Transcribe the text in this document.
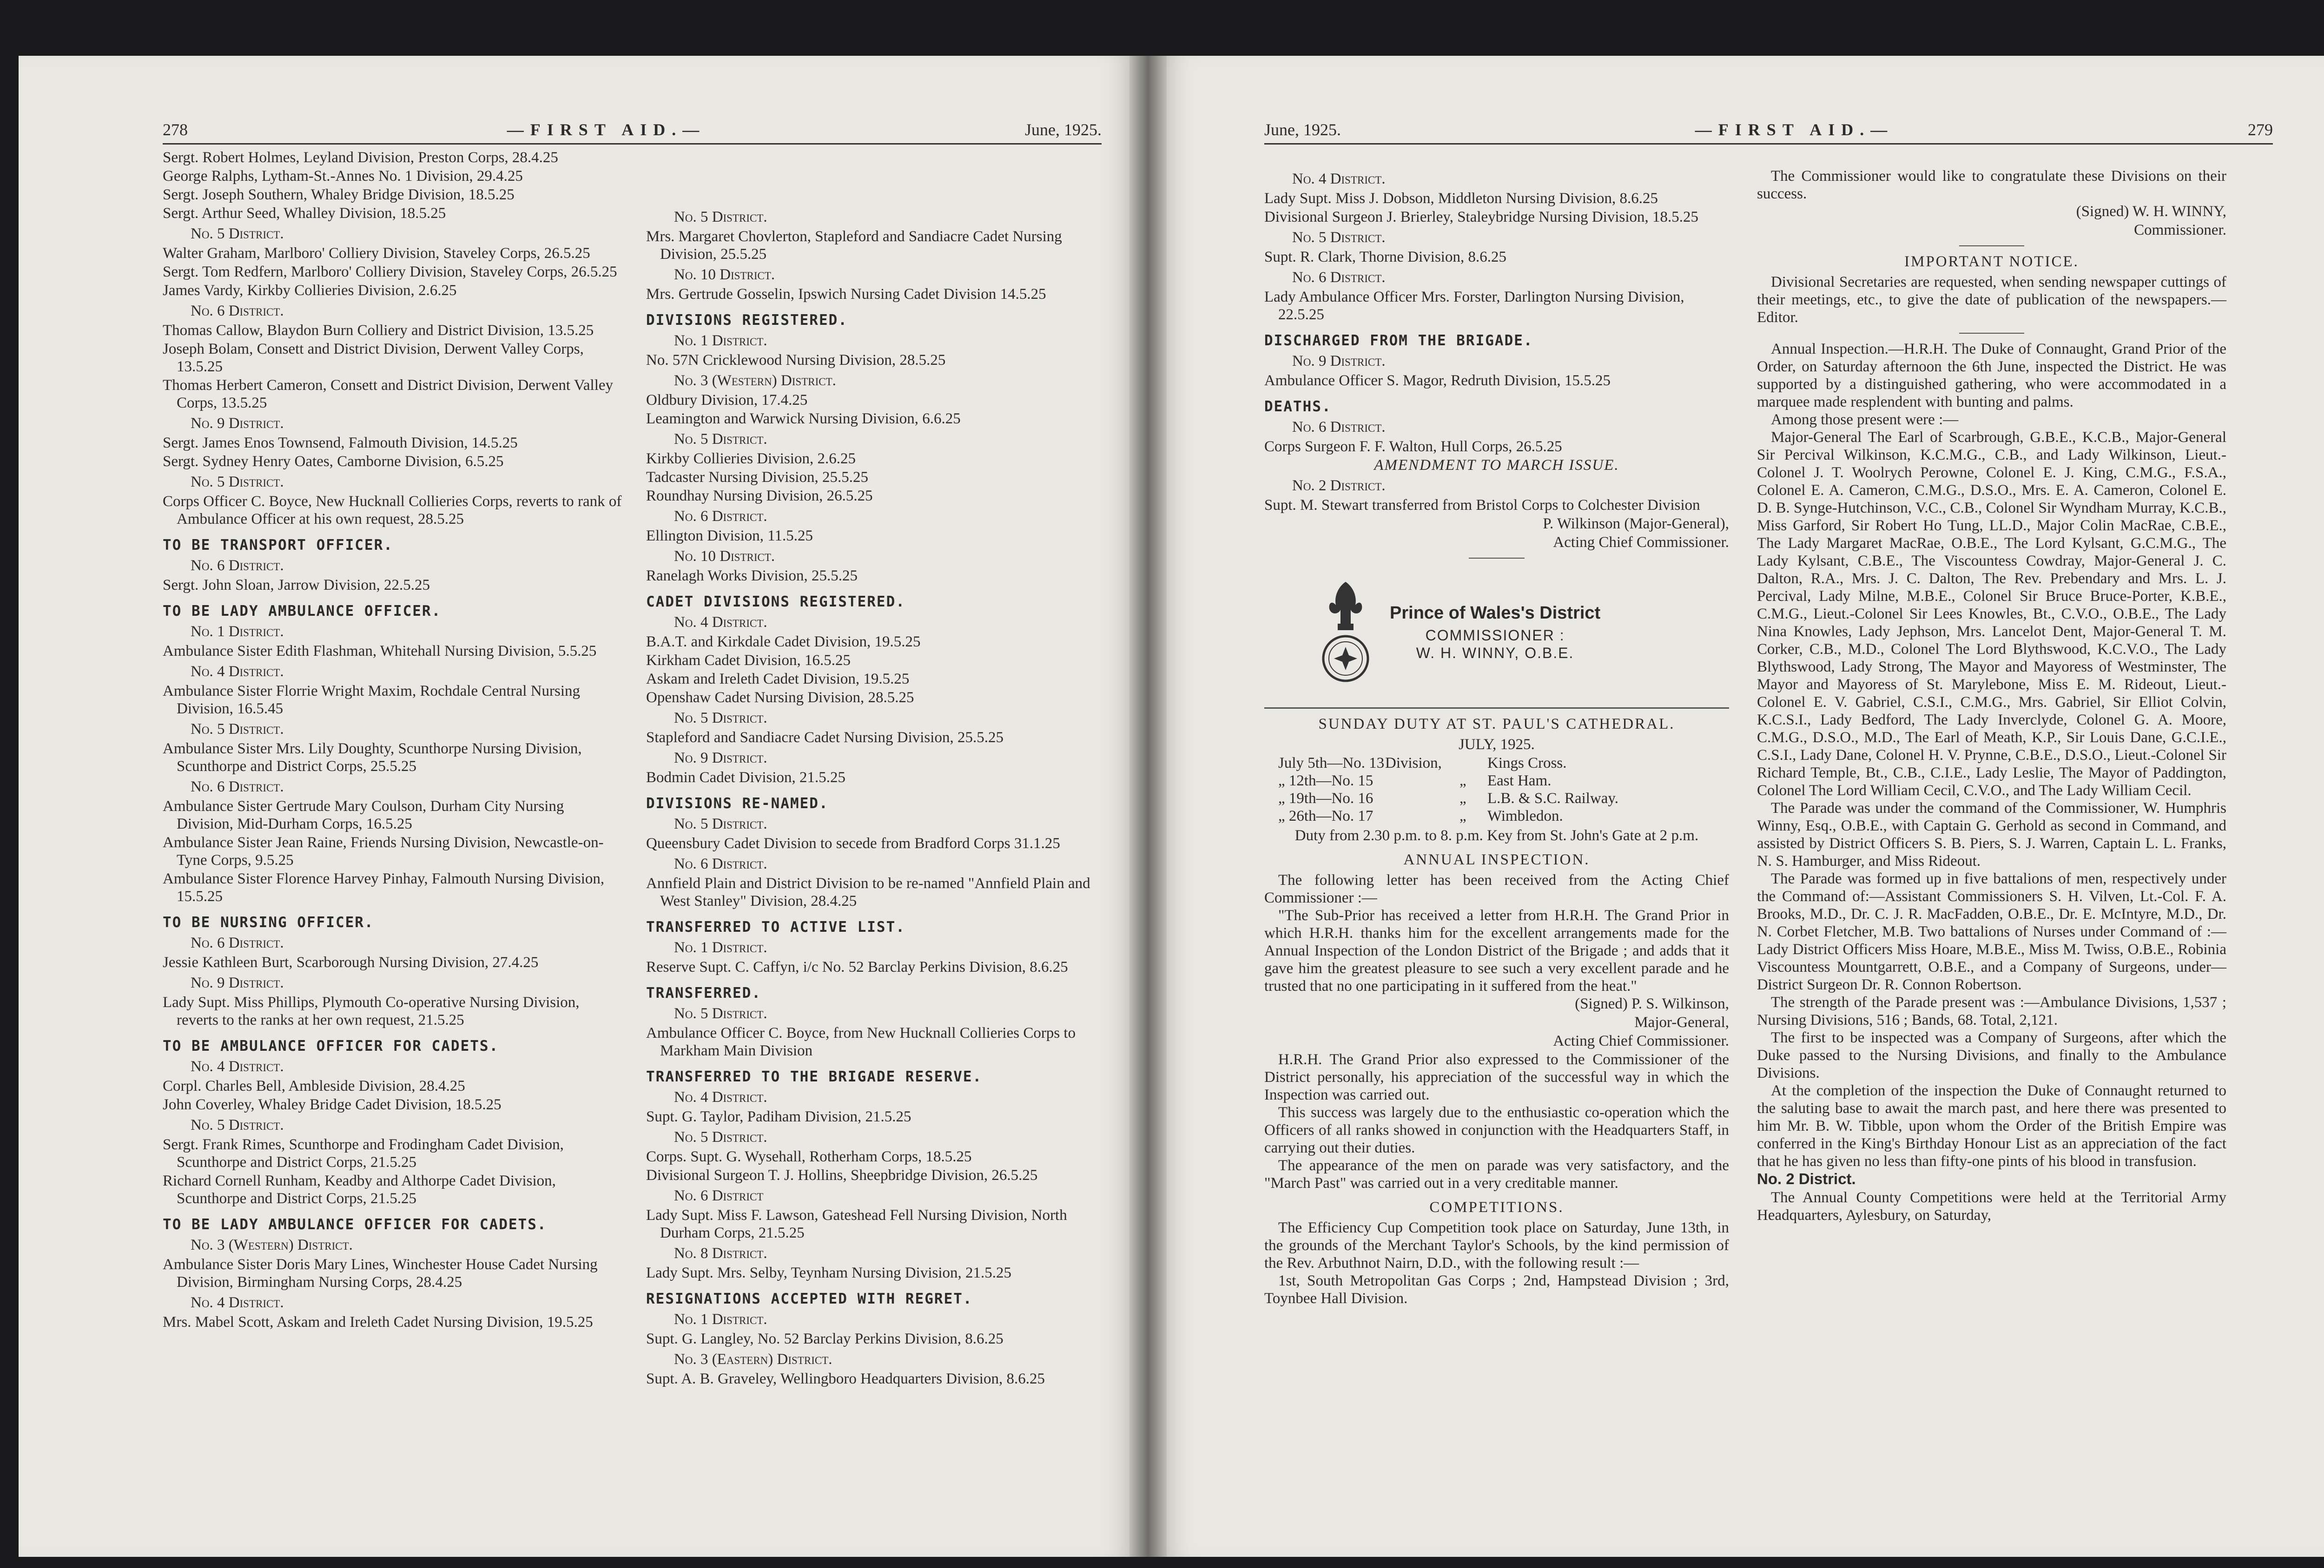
278	—FIRST AID.—	June, 1925.

Sergt. Robert Holmes, Leyland Division, Preston Corps, 28.4.25

George Ralphs, Lytham-St.-Annes No. 1 Division, 29.4.25

Sergt. Joseph Southern, Whaley Bridge Division, 18.5.25

Sergt. Arthur Seed, Whalley Division, 18.5.25

No. 5 District.

Walter Graham, Marlboro' Colliery Division, Staveley Corps, 26.5.25

Sergt. Tom Redfern, Marlboro' Colliery Division, Staveley Corps, 26.5.25

James Vardy, Kirkby Collieries Division, 2.6.25

No. 6 District.

Thomas Callow, Blaydon Burn Colliery and District Division, 13.5.25

Joseph Bolam, Consett and District Division, Derwent Valley Corps, 13.5.25

Thomas Herbert Cameron, Consett and District Division, Derwent Valley Corps, 13.5.25

No. 9 District.

Sergt. James Enos Townsend, Falmouth Division, 14.5.25

Sergt. Sydney Henry Oates, Camborne Division, 6.5.25

No. 5 District.

Corps Officer C. Boyce, New Hucknall Collieries Corps, reverts to rank of Ambulance Officer at his own request, 28.5.25

TO BE TRANSPORT OFFICER.

No. 6 District.

Sergt. John Sloan, Jarrow Division, 22.5.25

TO BE LADY AMBULANCE OFFICER.

No. 1 District.

Ambulance Sister Edith Flashman, Whitehall Nursing Division, 5.5.25

No. 4 District.

Ambulance Sister Florrie Wright Maxim, Rochdale Central Nursing Division, 16.5.45

No. 5 District.

Ambulance Sister Mrs. Lily Doughty, Scunthorpe Nursing Division, Scunthorpe and District Corps, 25.5.25

No. 6 District.

Ambulance Sister Gertrude Mary Coulson, Durham City Nursing Division, Mid-Durham Corps, 16.5.25

Ambulance Sister Jean Raine, Friends Nursing Division, Newcastle-on-Tyne Corps, 9.5.25

Ambulance Sister Florence Harvey Pinhay, Falmouth Nursing Division, 15.5.25

TO BE NURSING OFFICER.

No. 6 District.

Jessie Kathleen Burt, Scarborough Nursing Division, 27.4.25

No. 9 District.

Lady Supt. Miss Phillips, Plymouth Co-operative Nursing Division, reverts to the ranks at her own request, 21.5.25

TO BE AMBULANCE OFFICER FOR CADETS.

No. 4 District.

Corpl. Charles Bell, Ambleside Division, 28.4.25

John Coverley, Whaley Bridge Cadet Division, 18.5.25

No. 5 District.

Sergt. Frank Rimes, Scunthorpe and Frodingham Cadet Division, Scunthorpe and District Corps, 21.5.25

Richard Cornell Runham, Keadby and Althorpe Cadet Division, Scunthorpe and District Corps, 21.5.25

TO BE LADY AMBULANCE OFFICER FOR CADETS.

No. 3 (Western) District.

Ambulance Sister Doris Mary Lines, Winchester House Cadet Nursing Division, Birmingham Nursing Corps, 28.4.25

No. 4 District.

Mrs. Mabel Scott, Askam and Ireleth Cadet Nursing Division, 19.5.25

No. 5 District.

Mrs. Margaret Chovlerton, Stapleford and Sandiacre Cadet Nursing Division, 25.5.25

No. 10 District.

Mrs. Gertrude Gosselin, Ipswich Nursing Cadet Division 14.5.25

DIVISIONS REGISTERED.

No. 1 District.

No. 57N Cricklewood Nursing Division, 28.5.25

No. 3 (Western) District.

Oldbury Division, 17.4.25

Leamington and Warwick Nursing Division, 6.6.25

No. 5 District.

Kirkby Collieries Division, 2.6.25

Tadcaster Nursing Division, 25.5.25

Roundhay Nursing Division, 26.5.25

No. 6 District.

Ellington Division, 11.5.25

No. 10 District.

Ranelagh Works Division, 25.5.25

CADET DIVISIONS REGISTERED.

No. 4 District.

B.A.T. and Kirkdale Cadet Division, 19.5.25

Kirkham Cadet Division, 16.5.25

Askam and Ireleth Cadet Division, 19.5.25

Openshaw Cadet Nursing Division, 28.5.25

No. 5 District.

Stapleford and Sandiacre Cadet Nursing Division, 25.5.25

No. 9 District.

Bodmin Cadet Division, 21.5.25

DIVISIONS RE-NAMED.

No. 5 District.

Queensbury Cadet Division to secede from Bradford Corps 31.1.25

No. 6 District.

Annfield Plain and District Division to be re-named "Annfield Plain and West Stanley" Division, 28.4.25

TRANSFERRED TO ACTIVE LIST.

No. 1 District.

Reserve Supt. C. Caffyn, i/c No. 52 Barclay Perkins Division, 8.6.25

TRANSFERRED.

No. 5 District.

Ambulance Officer C. Boyce, from New Hucknall Collieries Corps to Markham Main Division

TRANSFERRED TO THE BRIGADE RESERVE.

No. 4 District.

Supt. G. Taylor, Padiham Division, 21.5.25

No. 5 District.

Corps. Supt. G. Wysehall, Rotherham Corps, 18.5.25

Divisional Surgeon T. J. Hollins, Sheepbridge Division, 26.5.25

No. 6 District

Lady Supt. Miss F. Lawson, Gateshead Fell Nursing Division, North Durham Corps, 21.5.25

No. 8 District.

Lady Supt. Mrs. Selby, Teynham Nursing Division, 21.5.25

RESIGNATIONS ACCEPTED WITH REGRET.

No. 1 District.

Supt. G. Langley, No. 52 Barclay Perkins Division, 8.6.25

No. 3 (Eastern) District.

Supt. A. B. Graveley, Wellingboro Headquarters Division, 8.6.25

June, 1925.	—FIRST AID.—	279

No. 4 District.

Lady Supt. Miss J. Dobson, Middleton Nursing Division, 8.6.25

Divisional Surgeon J. Brierley, Staleybridge Nursing Division, 18.5.25

No. 5 District.

Supt. R. Clark, Thorne Division, 8.6.25

No. 6 District.

Lady Ambulance Officer Mrs. Forster, Darlington Nursing Division, 22.5.25

DISCHARGED FROM THE BRIGADE.

No. 9 District.

Ambulance Officer S. Magor, Redruth Division, 15.5.25

DEATHS.

No. 6 District.

Corps Surgeon F. F. Walton, Hull Corps, 26.5.25

AMENDMENT TO MARCH ISSUE.

No. 2 District.

Supt. M. Stewart transferred from Bristol Corps to Colchester Division

P. Wilkinson (Major-General),

Acting Chief Commissioner.

Prince of Wales's District
COMMISSIONER :
W. H. WINNY, O.B.E.

SUNDAY DUTY AT ST. PAUL'S CATHEDRAL.

JULY, 1925.

July 5th—No. 13 Division,	Kings Cross.
„ 12th—No. 15	„	East Ham.
„ 19th—No. 16	„	L.B. & S.C. Railway.
„ 26th—No. 17	„	Wimbledon.

Duty from 2.30 p.m. to 8. p.m. Key from St. John's Gate at 2 p.m.

ANNUAL INSPECTION.

The following letter has been received from the Acting Chief Commissioner :—

"The Sub-Prior has received a letter from H.R.H. The Grand Prior in which H.R.H. thanks him for the excellent arrangements made for the Annual Inspection of the London District of the Brigade ; and adds that it gave him the greatest pleasure to see such a very excellent parade and he trusted that no one participating in it suffered from the heat."

(Signed) P. S. Wilkinson,

Major-General,

Acting Chief Commissioner.

H.R.H. The Grand Prior also expressed to the Commissioner of the District personally, his appreciation of the successful way in which the Inspection was carried out.

This success was largely due to the enthusiastic co-operation which the Officers of all ranks showed in conjunction with the Headquarters Staff, in carrying out their duties.

The appearance of the men on parade was very satisfactory, and the "March Past" was carried out in a very creditable manner.

COMPETITIONS.

The Efficiency Cup Competition took place on Saturday, June 13th, in the grounds of the Merchant Taylor's Schools, by the kind permission of the Rev. Arbuthnot Nairn, D.D., with the following result :—

1st, South Metropolitan Gas Corps ; 2nd, Hampstead Division ; 3rd, Toynbee Hall Division.

The Commissioner would like to congratulate these Divisions on their success.

(Signed) W. H. WINNY,

Commissioner.

IMPORTANT NOTICE.

Divisional Secretaries are requested, when sending newspaper cuttings of their meetings, etc., to give the date of publication of the newspapers.—Editor.

Annual Inspection.—H.R.H. The Duke of Connaught, Grand Prior of the Order, on Saturday afternoon the 6th June, inspected the District. He was supported by a distinguished gathering, who were accommodated in a marquee made resplendent with bunting and palms.

Among those present were :—

Major-General The Earl of Scarbrough, G.B.E., K.C.B., Major-General Sir Percival Wilkinson, K.C.M.G., C.B., and Lady Wilkinson, Lieut.-Colonel J. T. Woolrych Perowne, Colonel E. J. King, C.M.G., F.S.A., Colonel E. A. Cameron, C.M.G., D.S.O., Mrs. E. A. Cameron, Colonel E. D. B. Synge-Hutchinson, V.C., C.B., Colonel Sir Wyndham Murray, K.C.B., Miss Garford, Sir Robert Ho Tung, LL.D., Major Colin MacRae, C.B.E., The Lady Margaret MacRae, O.B.E., The Lord Kylsant, G.C.M.G., The Lady Kylsant, C.B.E., The Viscountess Cowdray, Major-General J. C. Dalton, R.A., Mrs. J. C. Dalton, The Rev. Prebendary and Mrs. L. J. Percival, Lady Milne, M.B.E., Colonel Sir Bruce Bruce-Porter, K.B.E., C.M.G., Lieut.-Colonel Sir Lees Knowles, Bt., C.V.O., O.B.E., The Lady Nina Knowles, Lady Jephson, Mrs. Lancelot Dent, Major-General T. M. Corker, C.B., M.D., Colonel The Lord Blythswood, K.C.V.O., The Lady Blythswood, Lady Strong, The Mayor and Mayoress of Westminster, The Mayor and Mayoress of St. Marylebone, Miss E. M. Rideout, Lieut.-Colonel E. V. Gabriel, C.S.I., C.M.G., Mrs. Gabriel, Sir Elliot Colvin, K.C.S.I., Lady Bedford, The Lady Inverclyde, Colonel G. A. Moore, C.M.G., D.S.O., M.D., The Earl of Meath, K.P., Sir Louis Dane, G.C.I.E., C.S.I., Lady Dane, Colonel H. V. Prynne, C.B.E., D.S.O., Lieut.-Colonel Sir Richard Temple, Bt., C.B., C.I.E., Lady Leslie, The Mayor of Paddington, Colonel The Lord William Cecil, C.V.O., and The Lady William Cecil.

The Parade was under the command of the Commissioner, W. Humphris Winny, Esq., O.B.E., with Captain G. Gerhold as second in Command, and assisted by District Officers S. B. Piers, S. J. Warren, Captain L. L. Franks, N. S. Hamburger, and Miss Rideout.

The Parade was formed up in five battalions of men, respectively under the Command of:—Assistant Commissioners S. H. Vilven, Lt.-Col. F. A. Brooks, M.D., Dr. C. J. R. MacFadden, O.B.E., Dr. E. McIntyre, M.D., Dr. N. Corbet Fletcher, M.B. Two battalions of Nurses under Command of :—Lady District Officers Miss Hoare, M.B.E., Miss M. Twiss, O.B.E., Robinia Viscountess Mountgarrett, O.B.E., and a Company of Surgeons, under—District Surgeon Dr. R. Connon Robertson.

The strength of the Parade present was :—Ambulance Divisions, 1,537 ; Nursing Divisions, 516 ; Bands, 68. Total, 2,121.

The first to be inspected was a Company of Surgeons, after which the Duke passed to the Nursing Divisions, and finally to the Ambulance Divisions.

At the completion of the inspection the Duke of Connaught returned to the saluting base to await the march past, and here there was presented to him Mr. B. W. Tibble, upon whom the Order of the British Empire was conferred in the King's Birthday Honour List as an appreciation of the fact that he has given no less than fifty-one pints of his blood in transfusion.

No. 2 District.

The Annual County Competitions were held at the Territorial Army Headquarters, Aylesbury, on Saturday,
